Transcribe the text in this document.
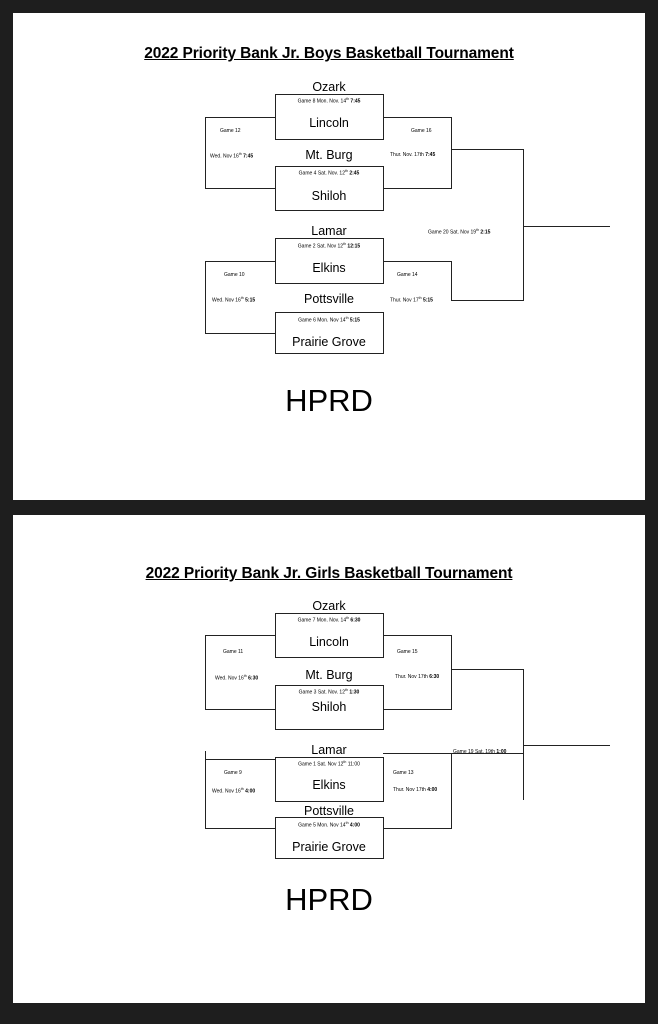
2022 Priority Bank Jr. Boys Basketball Tournament
Ozark
Lincoln
Mt. Burg
Shiloh
Lamar
Elkins
Pottsville
Prairie Grove
Game 8 Mon. Nov. 14th 7:45
Game 4 Sat. Nov. 12th 2:45
Game 2 Sat. Nov 12th 12:15
Game 6 Mon. Nov 14th 5:15
Game 12
Wed. Nov 16th 7:45
Game 10
Wed. Nov 16th 5:15
Game 16
Thur. Nov. 17th 7:45
Game 14
Thur. Nov 17th 5:15
Game 20 Sat. Nov 19th 2:15
HPRD
2022 Priority Bank Jr. Girls Basketball Tournament
Ozark
Lincoln
Mt. Burg
Shiloh
Lamar
Elkins
Pottsville
Prairie Grove
Game 7 Mon. Nov. 14th 6:30
Game 3 Sat. Nov. 12th 1:30
Game 1 Sat. Nov 12th 11:00
Game 5 Mon. Nov 14th 4:00
Game 11
Wed. Nov 16th 6:30
Game 9
Wed. Nov 16th 4:00
Game 15
Thur. Nov 17th 6:30
Game 13
Thur. Nov 17th 4:00
Game 19 Sat. 19th 1:00
HPRD
